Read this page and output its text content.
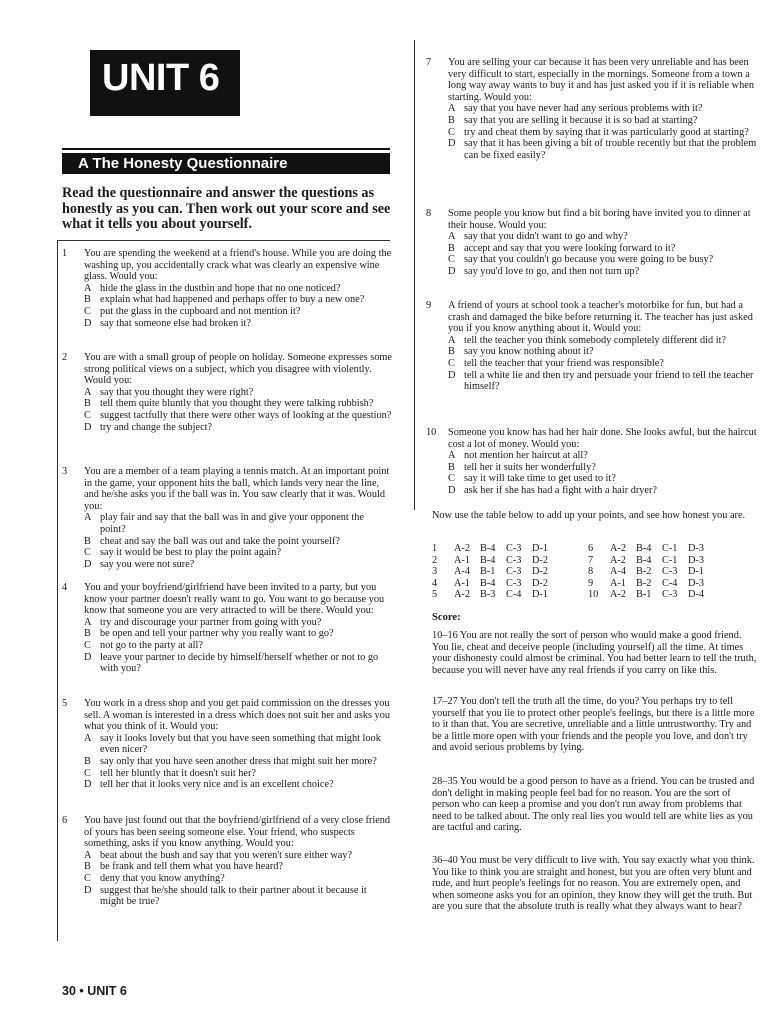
UNIT 6
A The Honesty Questionnaire
Read the questionnaire and answer the questions as honestly as you can. Then work out your score and see what it tells you about yourself.
1 You are spending the weekend at a friend's house. While you are doing the washing up, you accidentally crack what was clearly an expensive wine glass. Would you:
A hide the glass in the dustbin and hope that no one noticed?
B explain what had happened and perhaps offer to buy a new one?
C put the glass in the cupboard and not mention it?
D say that someone else had broken it?
2 You are with a small group of people on holiday. Someone expresses some strong political views on a subject, which you disagree with violently. Would you:
A say that you thought they were right?
B tell them quite bluntly that you thought they were talking rubbish?
C suggest tactfully that there were other ways of looking at the question?
D try and change the subject?
3 You are a member of a team playing a tennis match. At an important point in the game, your opponent hits the ball, which lands very near the line, and he/she asks you if the ball was in. You saw clearly that it was. Would you:
A play fair and say that the ball was in and give your opponent the point?
B cheat and say the ball was out and take the point yourself?
C say it would be best to play the point again?
D say you were not sure?
4 You and your boyfriend/girlfriend have been invited to a party, but you know your partner doesn't really want to go. You want to go because you know that someone you are very attracted to will be there. Would you:
A try and discourage your partner from going with you?
B be open and tell your partner why you really want to go?
C not go to the party at all?
D leave your partner to decide by himself/herself whether or not to go with you?
5 You work in a dress shop and you get paid commission on the dresses you sell. A woman is interested in a dress which does not suit her and asks you what you think of it. Would you:
A say it looks lovely but that you have seen something that might look even nicer?
B say only that you have seen another dress that might suit her more?
C tell her bluntly that it doesn't suit her?
D tell her that it looks very nice and is an excellent choice?
6 You have just found out that the boyfriend/girlfriend of a very close friend of yours has been seeing someone else. Your friend, who suspects something, asks if you know anything. Would you:
A beat about the bush and say that you weren't sure either way?
B be frank and tell them what you have heard?
C deny that you know anything?
D suggest that he/she should talk to their partner about it because it might be true?
7 You are selling your car because it has been very unreliable and has been very difficult to start, especially in the mornings. Someone from a town a long way away wants to buy it and has just asked you if it is reliable when starting. Would you:
A say that you have never had any serious problems with it?
B say that you are selling it because it is so bad at starting?
C try and cheat them by saying that it was particularly good at starting?
D say that it has been giving a bit of trouble recently but that the problem can be fixed easily?
8 Some people you know but find a bit boring have invited you to dinner at their house. Would you:
A say that you didn't want to go and why?
B accept and say that you were looking forward to it?
C say that you couldn't go because you were going to be busy?
D say you'd love to go, and then not turn up?
9 A friend of yours at school took a teacher's motorbike for fun, but had a crash and damaged the bike before returning it. The teacher has just asked you if you know anything about it. Would you:
A tell the teacher you think somebody completely different did it?
B say you know nothing about it?
C tell the teacher that your friend was responsible?
D tell a white lie and then try and persuade your friend to tell the teacher himself?
10 Someone you know has had her hair done. She looks awful, but the haircut cost a lot of money. Would you:
A not mention her haircut at all?
B tell her it suits her wonderfully?
C say it will take time to get used to it?
D ask her if she has had a fight with a hair dryer?
Now use the table below to add up your points, and see how honest you are.
1	A-2 B-4	C-3	D-1
2	A-1 B-4	C-3	D-2
3	A-4 B-1	C-3	D-2
4	A-1 B-4	C-3	D-2
5	A-2 B-3	C-4	D-1
6	A-2 B-4	C-1	D-3
7	A-2 B-4	C-1	D-3
8	A-4 B-2	C-3	D-1
9	A-1 B-2	C-4	D-3
10	A-2 B-1	C-3	D-4
Score:
10–16 You are not really the sort of person who would make a good friend. You lie, cheat and deceive people (including yourself) all the time. At times your dishonesty could almost be criminal. You had better learn to tell the truth, because you will never have any real friends if you carry on like this.
17–27 You don't tell the truth all the time, do you? You perhaps try to tell yourself that you lie to protect other people's feelings, but there is a little more to it than that. You are secretive, unreliable and a little untrustworthy. Try and be a little more open with your friends and the people you love, and don't try and avoid serious problems by lying.
28–35 You would be a good person to have as a friend. You can be trusted and don't delight in making people feel bad for no reason. You are the sort of person who can keep a promise and you don't run away from problems that need to be talked about. The only real lies you would tell are white lies as you are tactful and caring.
36–40 You must be very difficult to live with. You say exactly what you think. You like to think you are straight and honest, but you are often very blunt and rude, and hurt people's feelings for no reason. You are extremely open, and when someone asks you for an opinion, they know they will get the truth. But are you sure that the absolute truth is really what they always want to hear?
30 • UNIT 6
